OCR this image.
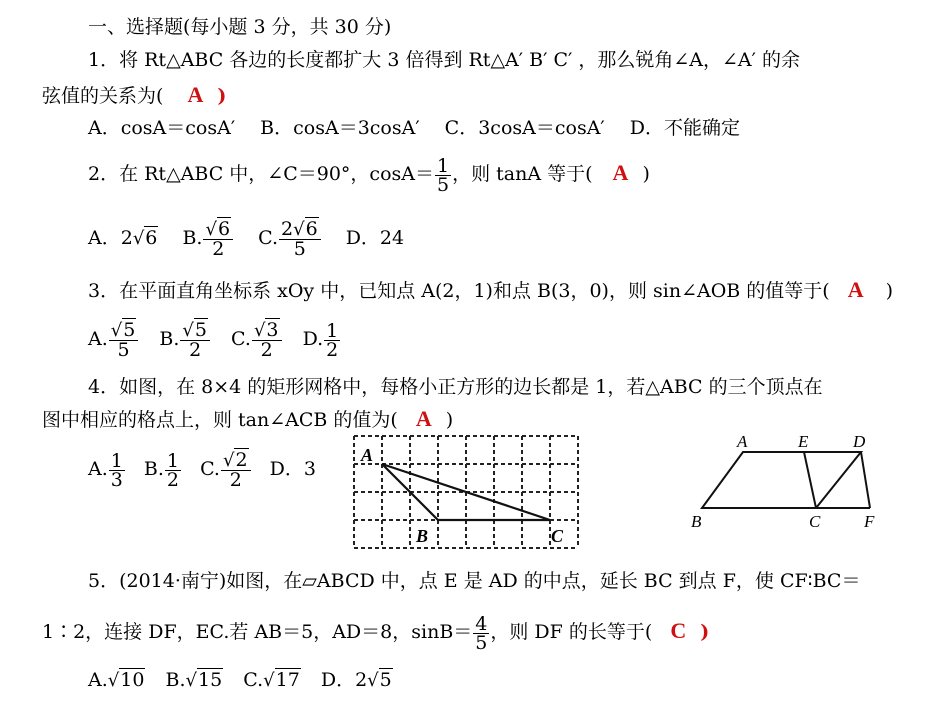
一、选择题(每小题 3 分，共 30 分)
1．将 Rt△ABC 各边的长度都扩大 3 倍得到 Rt△A′ B′ C′ ，那么锐角∠A，∠A′ 的余
弦值的关系为( A )
A．cosA＝cosA′　 B．cosA＝3cosA′　 C．3cosA＝cosA′　 D．不能确定
2．在 Rt△ABC 中，∠C＝90°，$\cos A= \frac{1}{5}$ ，则 tanA 等于( A )
A．2√6 B. $\frac{√6}{2} C$. $\frac{2√6}{5}$ D．24
3．在平面直角坐标系 xOy 中，已知点 A(2，1)和点 B(3，0)，则 sin∠AOB 的值等于( A )
A. $\frac{√5}{5} B$. $\frac{√5}{2} C$. $\frac{√3}{2} D$. $\frac{1}{2}$
4．如图，在 8×4 的矩形网格中，每格小正方形的边长都是 1，若△ABC 的三个顶点在
图中相应的格点上，则 tan∠ACB 的值为( A )
A. $\frac{1}{3} B$. $\frac{1}{2} C$. $\frac{√2}{2}$ D．3
A
B	C
A	E	D
B	C	F
5．(2014·南宁)如图，在▱ABCD 中，点 E 是 AD 的中点，延长 BC 到点 F，使 CF∶BC＝
1∶2，连接 DF，EC.若 AB＝5，AD＝8，$\sin B= \frac{4}{5}$ ，则 DF 的长等于( C )
A.√10 B.√15 C.√17 D．2√5
